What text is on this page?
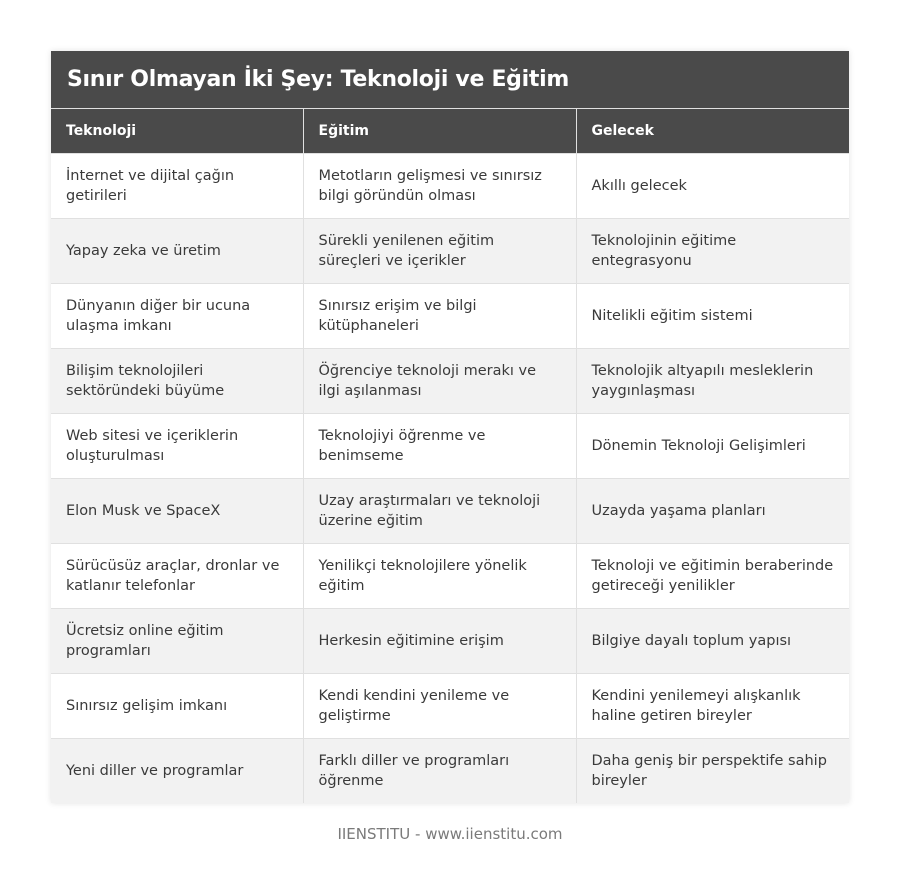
Sınır Olmayan İki Şey: Teknoloji ve Eğitim
Teknoloji	Eğitim	Gelecek
İnternet ve dijital çağın getirileri	Metotların gelişmesi ve sınırsız bilgi göründün olması	Akıllı gelecek
Yapay zeka ve üretim	Sürekli yenilenen eğitim süreçleri ve içerikler	Teknolojinin eğitime entegrasyonu
Dünyanın diğer bir ucuna ulaşma imkanı	Sınırsız erişim ve bilgi kütüphaneleri	Nitelikli eğitim sistemi
Bilişim teknolojileri sektöründeki büyüme	Öğrenciye teknoloji merakı ve ilgi aşılanması	Teknolojik altyapılı mesleklerin yaygınlaşması
Web sitesi ve içeriklerin oluşturulması	Teknolojiyi öğrenme ve benimseme	Dönemin Teknoloji Gelişimleri
Elon Musk ve SpaceX	Uzay araştırmaları ve teknoloji üzerine eğitim	Uzayda yaşama planları
Sürücüsüz araçlar, dronlar ve katlanır telefonlar	Yenilikçi teknolojilere yönelik eğitim	Teknoloji ve eğitimin beraberinde getireceği yenilikler
Ücretsiz online eğitim programları	Herkesin eğitimine erişim	Bilgiye dayalı toplum yapısı
Sınırsız gelişim imkanı	Kendi kendini yenileme ve geliştirme	Kendini yenilemeyi alışkanlık haline getiren bireyler
Yeni diller ve programlar	Farklı diller ve programları öğrenme	Daha geniş bir perspektife sahip bireyler
IIENSTITU - www.iienstitu.com
